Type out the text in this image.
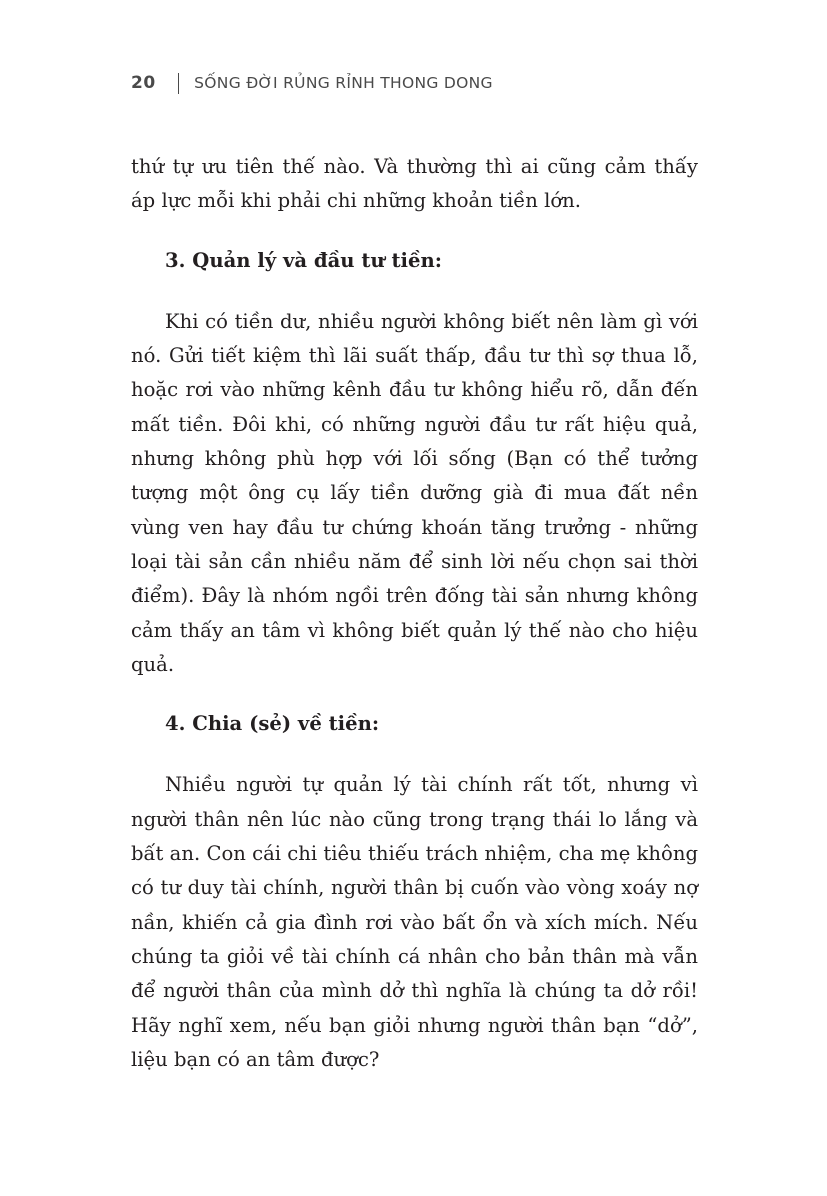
20 SỐNG ĐỜI RỦNG RỈNH THONG DONG

thứ tự ưu tiên thế nào. Và thường thì ai cũng cảm thấy áp lực mỗi khi phải chi những khoản tiền lớn.

3. Quản lý và đầu tư tiền:

Khi có tiền dư, nhiều người không biết nên làm gì với nó. Gửi tiết kiệm thì lãi suất thấp, đầu tư thì sợ thua lỗ, hoặc rơi vào những kênh đầu tư không hiểu rõ, dẫn đến mất tiền. Đôi khi, có những người đầu tư rất hiệu quả, nhưng không phù hợp với lối sống (Bạn có thể tưởng tượng một ông cụ lấy tiền dưỡng già đi mua đất nền vùng ven hay đầu tư chứng khoán tăng trưởng - những loại tài sản cần nhiều năm để sinh lời nếu chọn sai thời điểm). Đây là nhóm ngồi trên đống tài sản nhưng không cảm thấy an tâm vì không biết quản lý thế nào cho hiệu quả.

4. Chia (sẻ) về tiền:

Nhiều người tự quản lý tài chính rất tốt, nhưng vì người thân nên lúc nào cũng trong trạng thái lo lắng và bất an. Con cái chi tiêu thiếu trách nhiệm, cha mẹ không có tư duy tài chính, người thân bị cuốn vào vòng xoáy nợ nần, khiến cả gia đình rơi vào bất ổn và xích mích. Nếu chúng ta giỏi về tài chính cá nhân cho bản thân mà vẫn để người thân của mình dở thì nghĩa là chúng ta dở rồi! Hãy nghĩ xem, nếu bạn giỏi nhưng người thân bạn “dở”, liệu bạn có an tâm được?
